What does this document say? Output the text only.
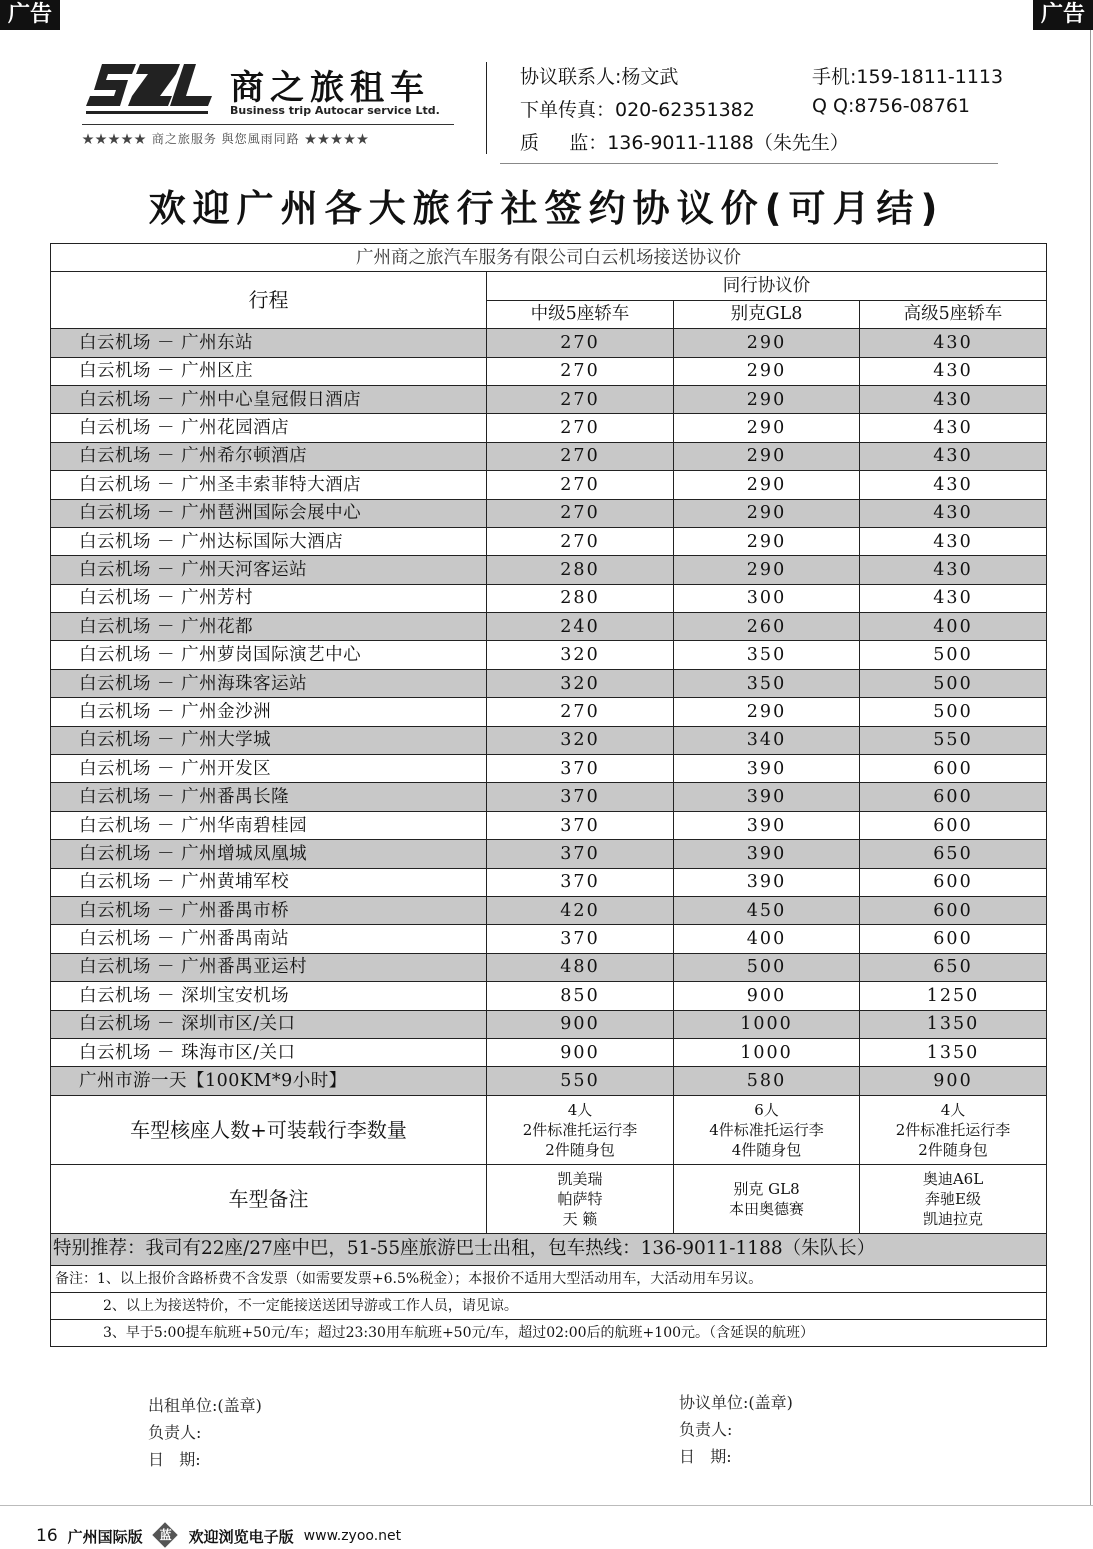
广告	广告
商之旅租车
Business trip Autocar service Ltd.
★★★★★ 商之旅服务 與您風雨同路 ★★★★★
协议联系人:杨文武	手机:159-1811-1113
下单传真：020-62351382	Q Q:8756-08761
质     监：136-9011-1188（朱先生）
欢迎广州各大旅行社签约协议价(可月结)
广州商之旅汽车服务有限公司白云机场接送协议价			
行程	同行协议价		
	中级5座轿车	别克GL8	高级5座轿车
白云机场 － 广州东站	270	290	430
白云机场 － 广州区庄	270	290	430
白云机场 － 广州中心皇冠假日酒店	270	290	430
白云机场 － 广州花园酒店	270	290	430
白云机场 － 广州希尔顿酒店	270	290	430
白云机场 － 广州圣丰索菲特大酒店	270	290	430
白云机场 － 广州琶洲国际会展中心	270	290	430
白云机场 － 广州达标国际大酒店	270	290	430
白云机场 － 广州天河客运站	280	290	430
白云机场 － 广州芳村	280	300	430
白云机场 － 广州花都	240	260	400
白云机场 － 广州萝岗国际演艺中心	320	350	500
白云机场 － 广州海珠客运站	320	350	500
白云机场 － 广州金沙洲	270	290	500
白云机场 － 广州大学城	320	340	550
白云机场 － 广州开发区	370	390	600
白云机场 － 广州番禺长隆	370	390	600
白云机场 － 广州华南碧桂园	370	390	600
白云机场 － 广州增城凤凰城	370	390	650
白云机场 － 广州黄埔军校	370	390	600
白云机场 － 广州番禺市桥	420	450	600
白云机场 － 广州番禺南站	370	400	600
白云机场 － 广州番禺亚运村	480	500	650
白云机场 － 深圳宝安机场	850	900	1250
白云机场 － 深圳市区/关口	900	1000	1350
白云机场 － 珠海市区/关口	900	1000	1350
广州市游一天【100KM*9小时】	550	580	900
车型核座人数+可装载行李数量	4人
2件标准托运行李
2件随身包	6人
4件标准托运行李
4件随身包	4人
2件标准托运行李
2件随身包
车型备注	凯美瑞
帕萨特
天 籁	别克 GL8
本田奥德赛	奥迪A6L
奔驰E级
凯迪拉克
特别推荐：我司有22座/27座中巴，51-55座旅游巴士出租，包车热线：136-9011-1188（朱队长）			
备注：1、以上报价含路桥费不含发票（如需要发票+6.5%税金）；本报价不适用大型活动用车，大活动用车另议。			
2、以上为接送特价，不一定能接送送团导游或工作人员，请见谅。			
3、早于5:00提车航班+50元/车；超过23:30用车航班+50元/车，超过02:00后的航班+100元。（含延误的航班）			
出租单位:(盖章)
负责人:
日   期:
协议单位:(盖章)
负责人:
日   期:
16 广州国际版	蓝	欢迎浏览电子版 www.zyoo.net
